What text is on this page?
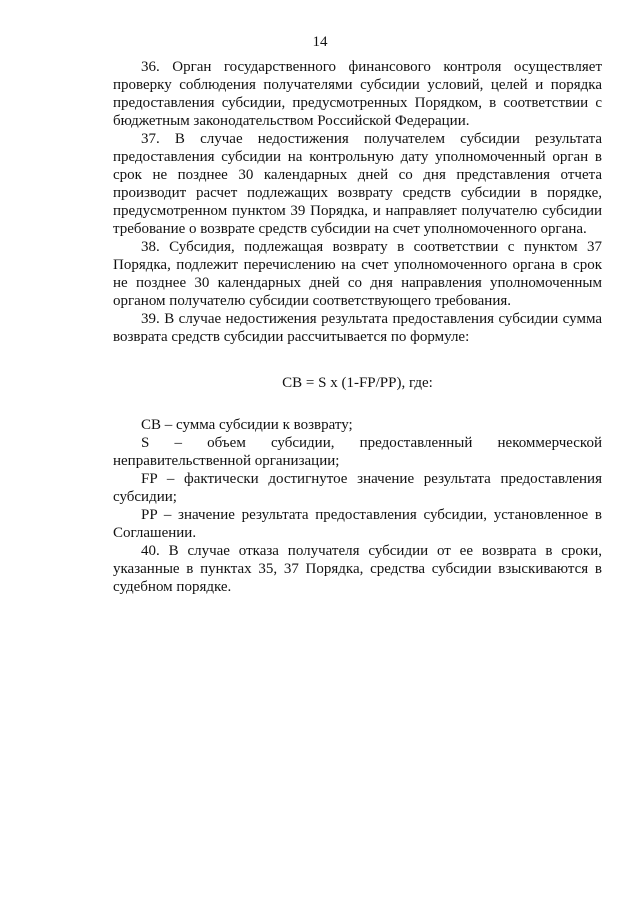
14

36. Орган государственного финансового контроля осуществляет проверку соблюдения получателями субсидии условий, целей и порядка предоставления субсидии, предусмотренных Порядком, в соответствии с бюджетным законодательством Российской Федерации.

37. В случае недостижения получателем субсидии результата предоставления субсидии на контрольную дату уполномоченный орган в срок не позднее 30 календарных дней со дня представления отчета производит расчет подлежащих возврату средств субсидии в порядке, предусмотренном пунктом 39 Порядка, и направляет получателю субсидии требование о возврате средств субсидии на счет уполномоченного органа.

38. Субсидия, подлежащая возврату в соответствии с пунктом 37 Порядка, подлежит перечислению на счет уполномоченного органа в срок не позднее 30 календарных дней со дня направления уполномоченным органом получателю субсидии соответствующего требования.

39. В случае недостижения результата предоставления субсидии сумма возврата средств субсидии рассчитывается по формуле:

СВ = S x (1-FP/PP), где:

СВ – сумма субсидии к возврату;

S – объем субсидии, предоставленный некоммерческой неправительственной организации;

FP – фактически достигнутое значение результата предоставления субсидии;

PP – значение результата предоставления субсидии, установленное в Соглашении.

40. В случае отказа получателя субсидии от ее возврата в сроки, указанные в пунктах 35, 37 Порядка, средства субсидии взыскиваются в судебном порядке.
